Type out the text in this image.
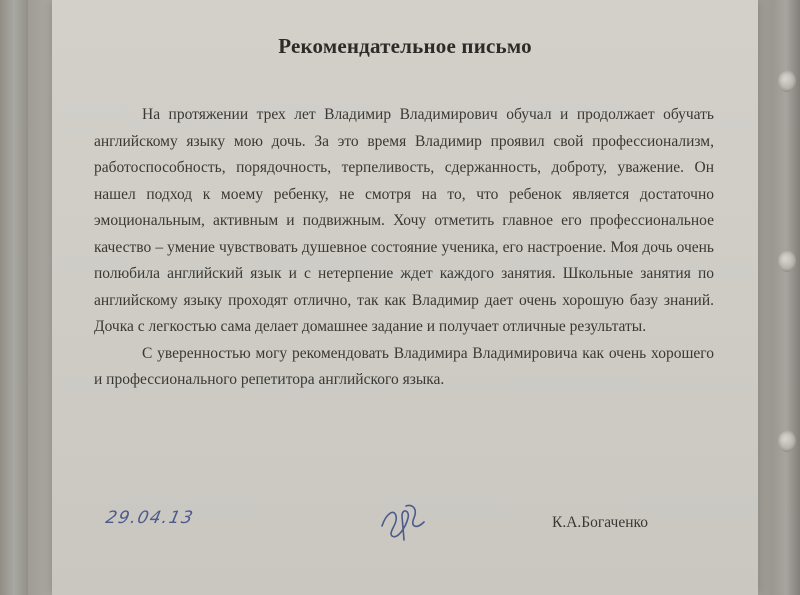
Рекомендательное письмо

На протяжении трех лет Владимир Владимирович обучал и продолжает обучать английскому языку мою дочь. За это время Владимир проявил свой профессионализм, работоспособность, порядочность, терпеливость, сдержанность, доброту, уважение. Он нашел подход к моему ребенку, не смотря на то, что ребенок является достаточно эмоциональным, активным и подвижным. Хочу отметить главное его профессиональное качество – умение чувствовать душевное состояние ученика, его настроение. Моя дочь очень полюбила английский язык и с нетерпение ждет каждого занятия. Школьные занятия по английскому языку проходят отлично, так как Владимир дает очень хорошую базу знаний. Дочка с легкостью сама делает домашнее задание и получает отличные результаты.

С уверенностью могу рекомендовать Владимира Владимировича как очень хорошего и профессионального репетитора английского языка.

29.04.13	К.А.Богаченко
